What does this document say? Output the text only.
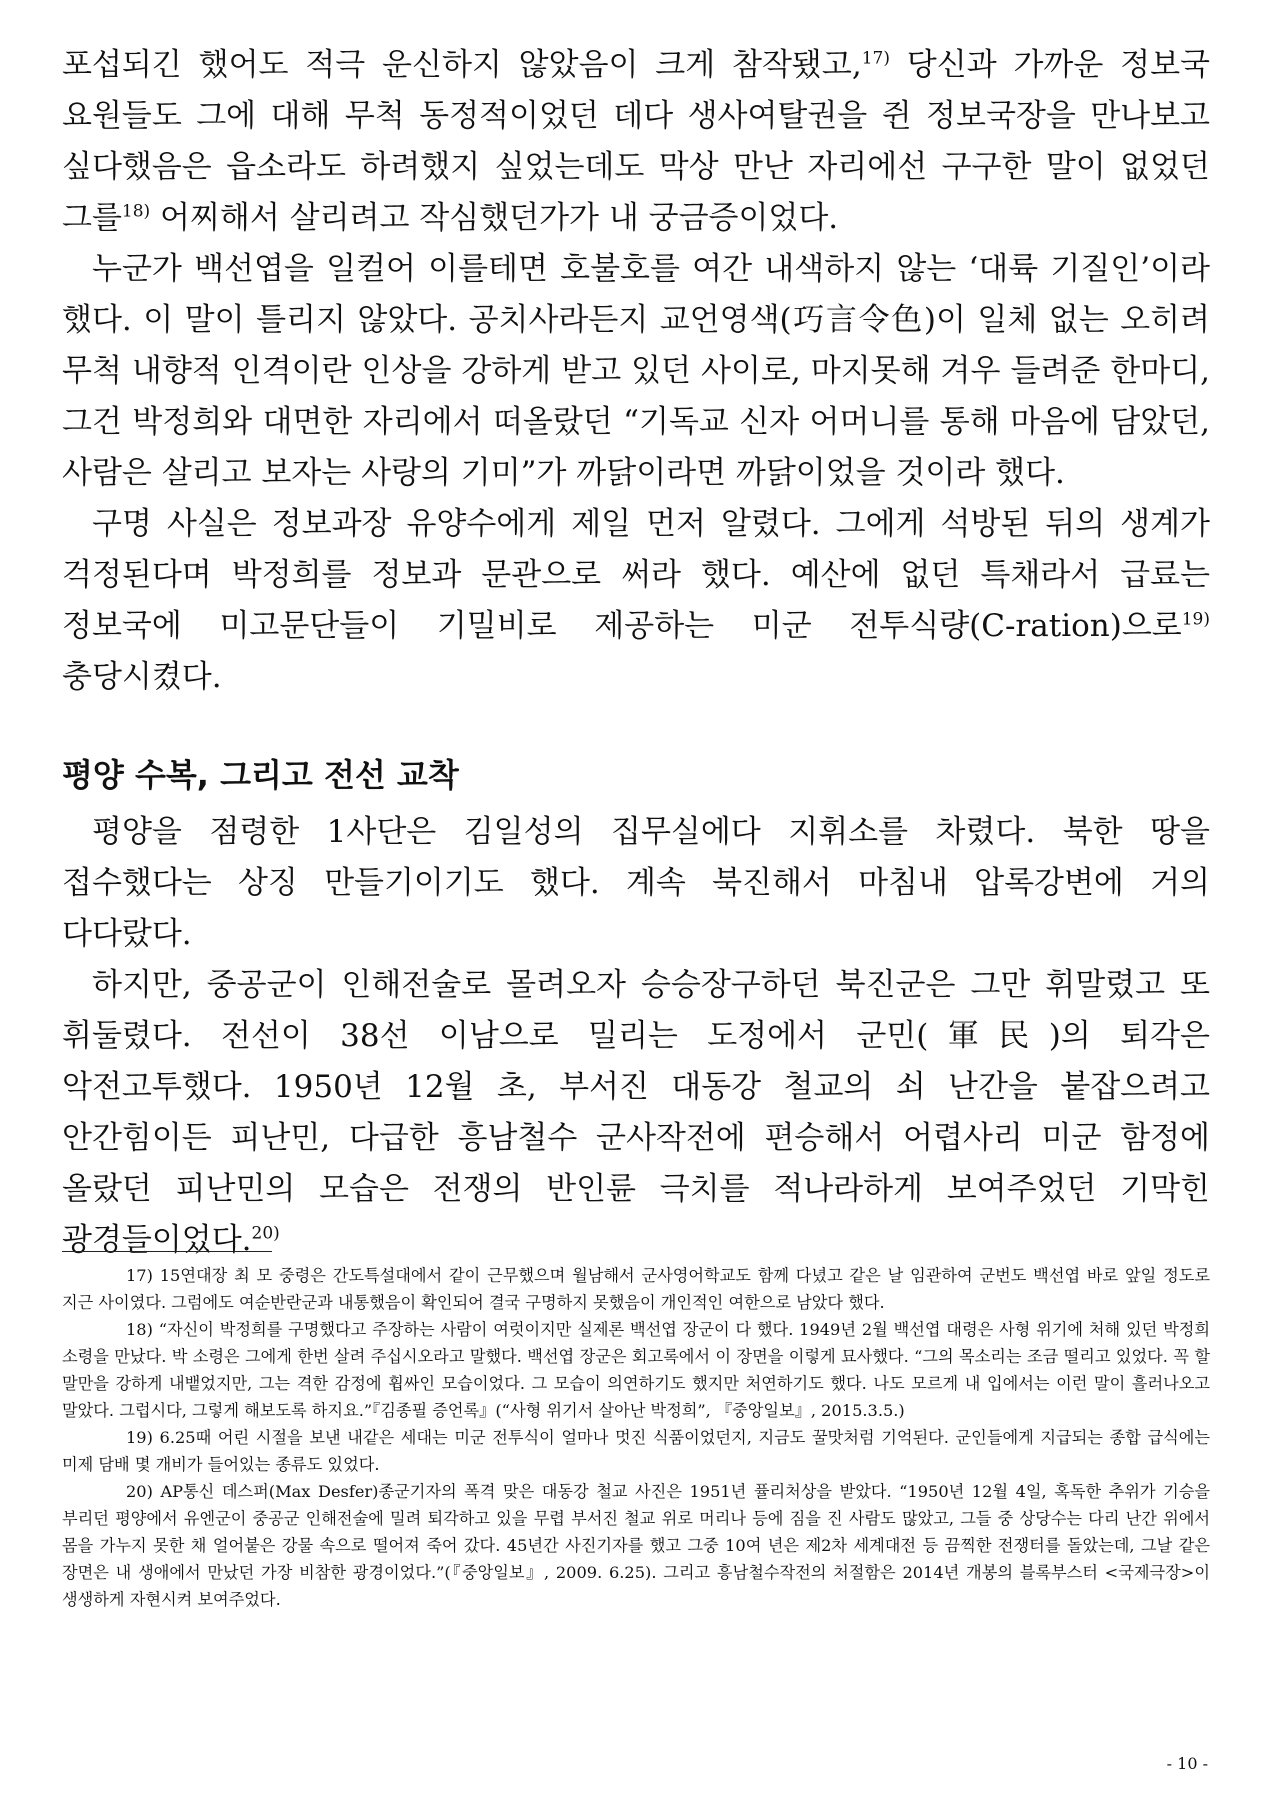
포섭되긴 했어도 적극 운신하지 않았음이 크게 참작됐고,$^{17)}$ 당신과 가까운 정보국 요원들도 그에 대해 무척 동정적이었던 데다 생사여탈권을 쥔 정보국장을 만나보고 싶다했음은 읍소라도 하려했지 싶었는데도 막상 만난 자리에선 구구한 말이 없었던 그를$^{18)}$ 어찌해서 살리려고 작심했던가가 내 궁금증이었다.

누군가 백선엽을 일컬어 이를테면 호불호를 여간 내색하지 않는 ‘대륙 기질인’이라 했다. 이 말이 틀리지 않았다. 공치사라든지 교언영색(巧言令色)이 일체 없는 오히려 무척 내향적 인격이란 인상을 강하게 받고 있던 사이로, 마지못해 겨우 들려준 한마디, 그건 박정희와 대면한 자리에서 떠올랐던 “기독교 신자 어머니를 통해 마음에 담았던, 사람은 살리고 보자는 사랑의 기미”가 까닭이라면 까닭이었을 것이라 했다.

구명 사실은 정보과장 유양수에게 제일 먼저 알렸다. 그에게 석방된 뒤의 생계가 걱정된다며 박정희를 정보과 문관으로 써라 했다. 예산에 없던 특채라서 급료는 정보국에 미고문단들이 기밀비로 제공하는 미군 전투식량(C-ration)으로$^{19)}$ 충당시켰다.

평양 수복, 그리고 전선 교착

평양을 점령한 1사단은 김일성의 집무실에다 지휘소를 차렸다. 북한 땅을 접수했다는 상징 만들기이기도 했다. 계속 북진해서 마침내 압록강변에 거의 다다랐다.

하지만, 중공군이 인해전술로 몰려오자 승승장구하던 북진군은 그만 휘말렸고 또 휘둘렸다. 전선이 38선 이남으로 밀리는 도정에서 군민(軍民)의 퇴각은 악전고투했다. 1950년 12월 초, 부서진 대동강 철교의 쇠 난간을 붙잡으려고 안간힘이든 피난민, 다급한 흥남철수 군사작전에 편승해서 어렵사리 미군 함정에 올랐던 피난민의 모습은 전쟁의 반인륜 극치를 적나라하게 보여주었던 기막힌 광경들이었다.$^{20)}$

17) 15연대장 최 모 중령은 간도특설대에서 같이 근무했으며 월남해서 군사영어학교도 함께 다녔고 같은 날 임관하여 군번도 백선엽 바로 앞일 정도로 지근 사이였다. 그럼에도 여순반란군과 내통했음이 확인되어 결국 구명하지 못했음이 개인적인 여한으로 남았다 했다.

18) “자신이 박정희를 구명했다고 주장하는 사람이 여럿이지만 실제론 백선엽 장군이 다 했다. 1949년 2월 백선엽 대령은 사형 위기에 처해 있던 박정희 소령을 만났다. 박 소령은 그에게 한번 살려 주십시오라고 말했다. 백선엽 장군은 회고록에서 이 장면을 이렇게 묘사했다. “그의 목소리는 조금 떨리고 있었다. 꼭 할 말만을 강하게 내뱉었지만, 그는 격한 감정에 휩싸인 모습이었다. 그 모습이 의연하기도 했지만 처연하기도 했다. 나도 모르게 내 입에서는 이런 말이 흘러나오고 말았다. 그럽시다, 그렇게 해보도록 하지요.”『김종필 증언록』(“사형 위기서 살아난 박정희”, 『중앙일보』, 2015.3.5.)

19) 6.25때 어린 시절을 보낸 내같은 세대는 미군 전투식이 얼마나 멋진 식품이었던지, 지금도 꿀맛처럼 기억된다. 군인들에게 지급되는 종합 급식에는 미제 담배 몇 개비가 들어있는 종류도 있었다.

20) AP통신 데스퍼(Max Desfer)종군기자의 폭격 맞은 대동강 철교 사진은 1951년 퓰리처상을 받았다. “1950년 12월 4일, 혹독한 추위가 기승을 부리던 평양에서 유엔군이 중공군 인해전술에 밀려 퇴각하고 있을 무렵 부서진 철교 위로 머리나 등에 짐을 진 사람도 많았고, 그들 중 상당수는 다리 난간 위에서 몸을 가누지 못한 채 얼어붙은 강물 속으로 떨어져 죽어 갔다. 45년간 사진기자를 했고 그중 10여 년은 제2차 세계대전 등 끔찍한 전쟁터를 돌았는데, 그날 같은 장면은 내 생애에서 만났던 가장 비참한 광경이었다.”(『중앙일보』, 2009. 6.25). 그리고 흥남철수작전의 처절함은 2014년 개봉의 블록부스터 <국제극장>이 생생하게 자현시켜 보여주었다.

- 10 -
